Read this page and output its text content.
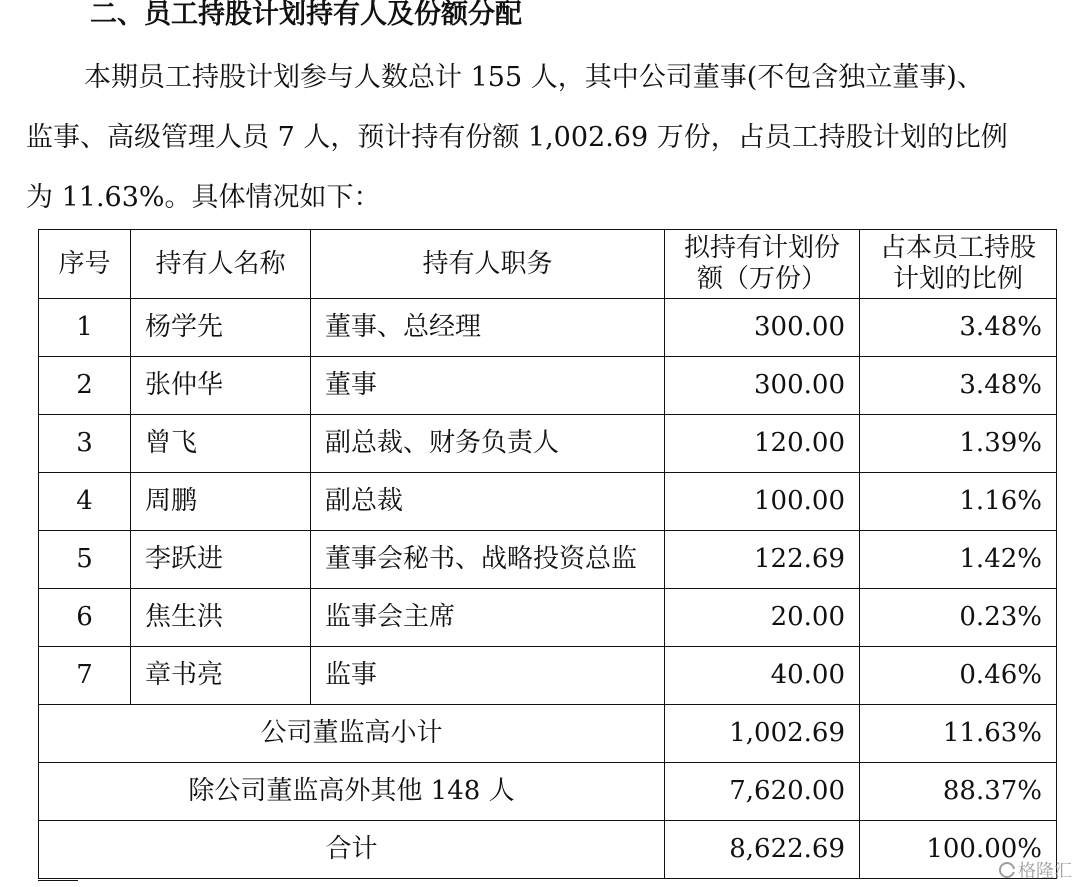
二、员工持股计划持有人及份额分配
本期员工持股计划参与人数总计 155 人，其中公司董事(不包含独立董事)、
监事、高级管理人员 7 人，预计持有份额 1,002.69 万份，占员工持股计划的比例
为 11.63%。具体情况如下：
序号	持有人名称	持有人职务	拟持有计划份额（万份）	占本员工持股计划的比例
1	杨学先	董事、总经理	300.00	3.48%
2	张仲华	董事	300.00	3.48%
3	曾飞	副总裁、财务负责人	120.00	1.39%
4	周鹏	副总裁	100.00	1.16%
5	李跃进	董事会秘书、战略投资总监	122.69	1.42%
6	焦生洪	监事会主席	20.00	0.23%
7	章书亮	监事	40.00	0.46%
公司董监高小计			1,002.69	11.63%
除公司董监高外其他 148 人			7,620.00	88.37%
合计			8,622.69	100.00%
格隆汇
